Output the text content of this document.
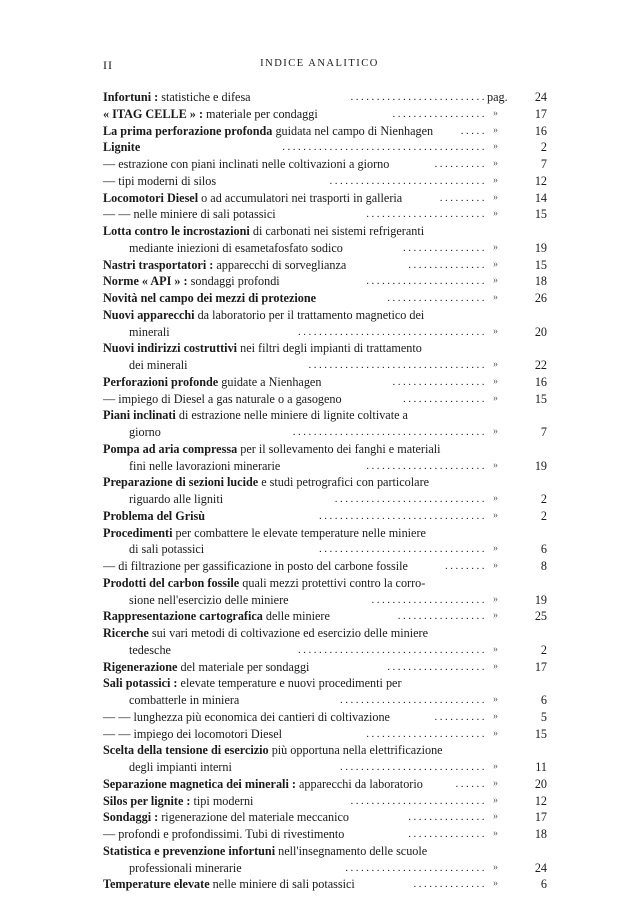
II	INDICE ANALITICO
Infortuni : statistiche e difesa	pag. 24
..........................
« ITAG CELLE » : materiale per condaggi	»	17
..................
La prima perforazione profonda guidata nel campo di Nienhagen	»	16
.....
Lignite	»	2
.......................................
— estrazione con piani inclinati nelle coltivazioni a giorno	»	7
..........
— tipi moderni di silos	»	12
..............................
Locomotori Diesel o ad accumulatori nei trasporti in galleria	»	14
.........
— — nelle miniere di sali potassici	»	15
.......................
Lotta contro le incrostazioni di carbonati nei sistemi refrigeranti
mediante iniezioni di esametafosfato sodico	»	19
................
Nastri trasportatori : apparecchi di sorveglianza	»	15
...............
Norme « API » : sondaggi profondi	»	18
.......................
Novità nel campo dei mezzi di protezione	»	26
...................
Nuovi apparecchi da laboratorio per il trattamento magnetico dei
minerali	»	20
....................................
Nuovi indirizzi costruttivi nei filtri degli impianti di trattamento
dei minerali	»	22
..................................
Perforazioni profonde guidate a Nienhagen	»	16
..................
— impiego di Diesel a gas naturale o a gasogeno	»	15
................
Piani inclinati di estrazione nelle miniere di lignite coltivate a
giorno	»	7
.....................................
Pompa ad aria compressa per il sollevamento dei fanghi e materiali
fini nelle lavorazioni minerarie	»	19
.......................
Preparazione di sezioni lucide e studi petrografici con particolare
riguardo alle ligniti	»	2
.............................
Problema del Grisù	»	2
................................
Procedimenti per combattere le elevate temperature nelle miniere
di sali potassici	»	6
................................
— di filtrazione per gassificazione in posto del carbone fossile	»	8
........
Prodotti del carbon fossile quali mezzi protettivi contro la corro-
sione nell'esercizio delle miniere	»	19
......................
Rappresentazione cartografica delle miniere	»	25
.................
Ricerche sui vari metodi di coltivazione ed esercizio delle miniere
tedesche	»	2
....................................
Rigenerazione del materiale per sondaggi	»	17
...................
Sali potassici : elevate temperature e nuovi procedimenti per
combatterle in miniera	»	6
............................
— — lunghezza più economica dei cantieri di coltivazione	»	5
..........
— — impiego dei locomotori Diesel	»	15
.......................
Scelta della tensione di esercizio più opportuna nella elettrificazione
degli impianti interni	»	11
............................
Separazione magnetica dei minerali : apparecchi da laboratorio	»	20
......
Silos per lignite : tipi moderni	»	12
..........................
Sondaggi : rigenerazione del materiale meccanico	»	17
...............
— profondi e profondissimi. Tubi di rivestimento	»	18
...............
Statistica e prevenzione infortuni nell'insegnamento delle scuole
professionali minerarie	»	24
...........................
Temperature elevate nelle miniere di sali potassici	»	6
..............
